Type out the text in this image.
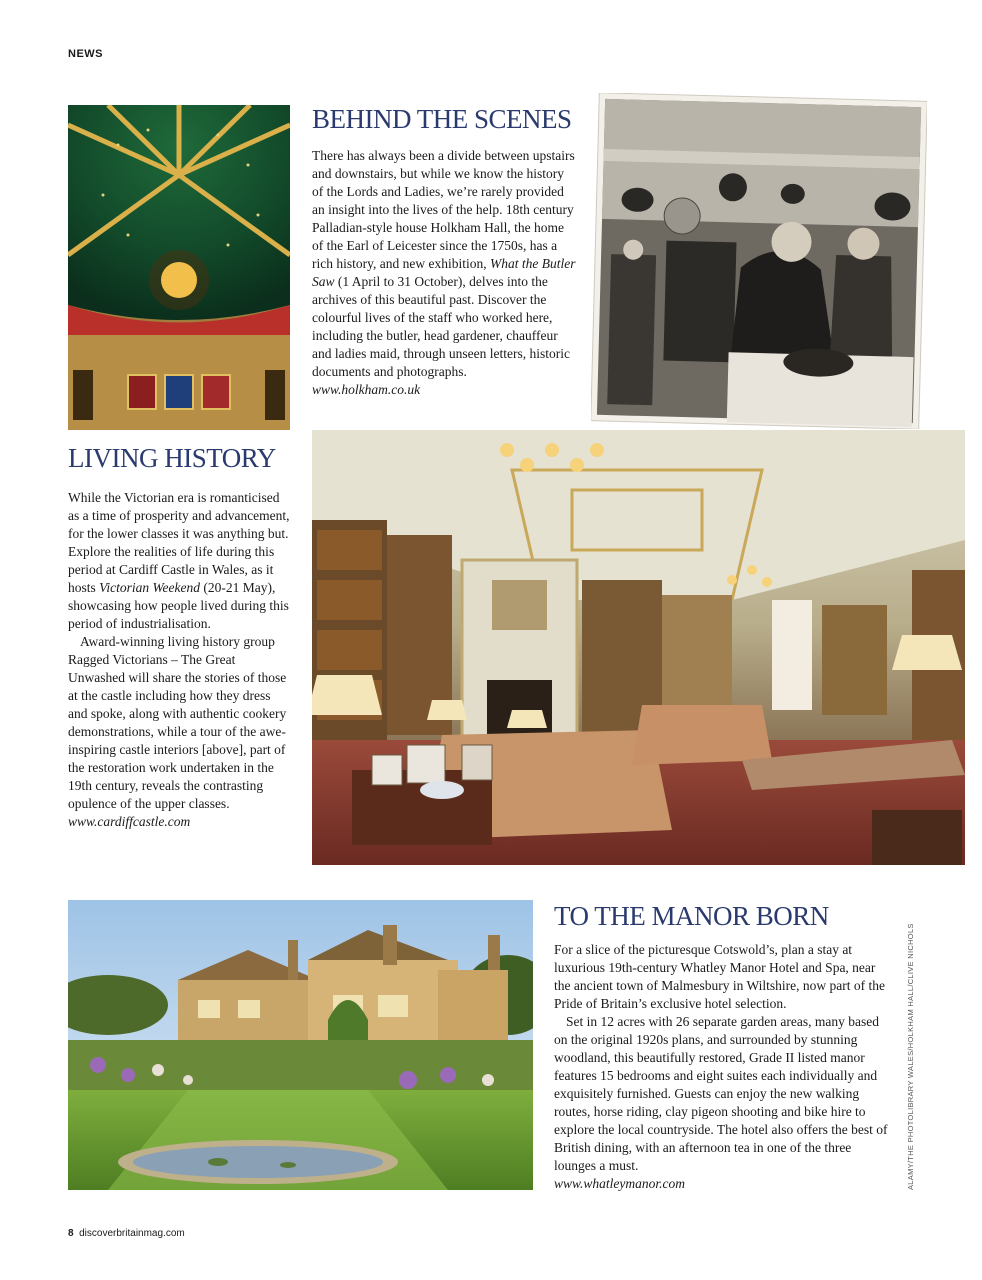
NEWS
BEHIND THE SCENES

There has always been a divide between upstairs and downstairs, but while we know the history of the Lords and Ladies, we’re rarely provided an insight into the lives of the help. 18th century Palladian-style house Holkham Hall, the home of the Earl of Leicester since the 1750s, has a rich history, and new exhibition, What the Butler Saw (1 April to 31 October), delves into the archives of this beautiful past. Discover the colourful lives of the staff who worked here, including the butler, head gardener, chauffeur and ladies maid, through unseen letters, historic documents and photographs.

www.holkham.co.uk

LIVING HISTORY

While the Victorian era is romanticised as a time of prosperity and advancement, for the lower classes it was anything but. Explore the realities of life during this period at Cardiff Castle in Wales, as it hosts Victorian Weekend (20-21 May), showcasing how people lived during this period of industrialisation.

Award-winning living history group Ragged Victorians – The Great Unwashed will share the stories of those at the castle including how they dress and spoke, along with authentic cookery demonstrations, while a tour of the awe-inspiring castle interiors [above], part of the restoration work undertaken in the 19th century, reveals the contrasting opulence of the upper classes.

www.cardiffcastle.com

TO THE MANOR BORN

For a slice of the picturesque Cotswold’s, plan a stay at luxurious 19th-century Whatley Manor Hotel and Spa, near the ancient town of Malmesbury in Wiltshire, now part of the Pride of Britain’s exclusive hotel selection.

Set in 12 acres with 26 separate garden areas, many based on the original 1920s plans, and surrounded by stunning woodland, this beautifully restored, Grade II listed manor features 15 bedrooms and eight suites each individually and exquisitely furnished. Guests can enjoy the new walking routes, horse riding, clay pigeon shooting and bike hire to explore the local countryside. The hotel also offers the best of British dining, with an afternoon tea in one of the three lounges a must.

www.whatleymanor.com	ALAMY/THE PHOTOLIBRARY WALES/HOLKHAM HALL/CLIVE NICHOLS
8 discoverbritainmag.com
